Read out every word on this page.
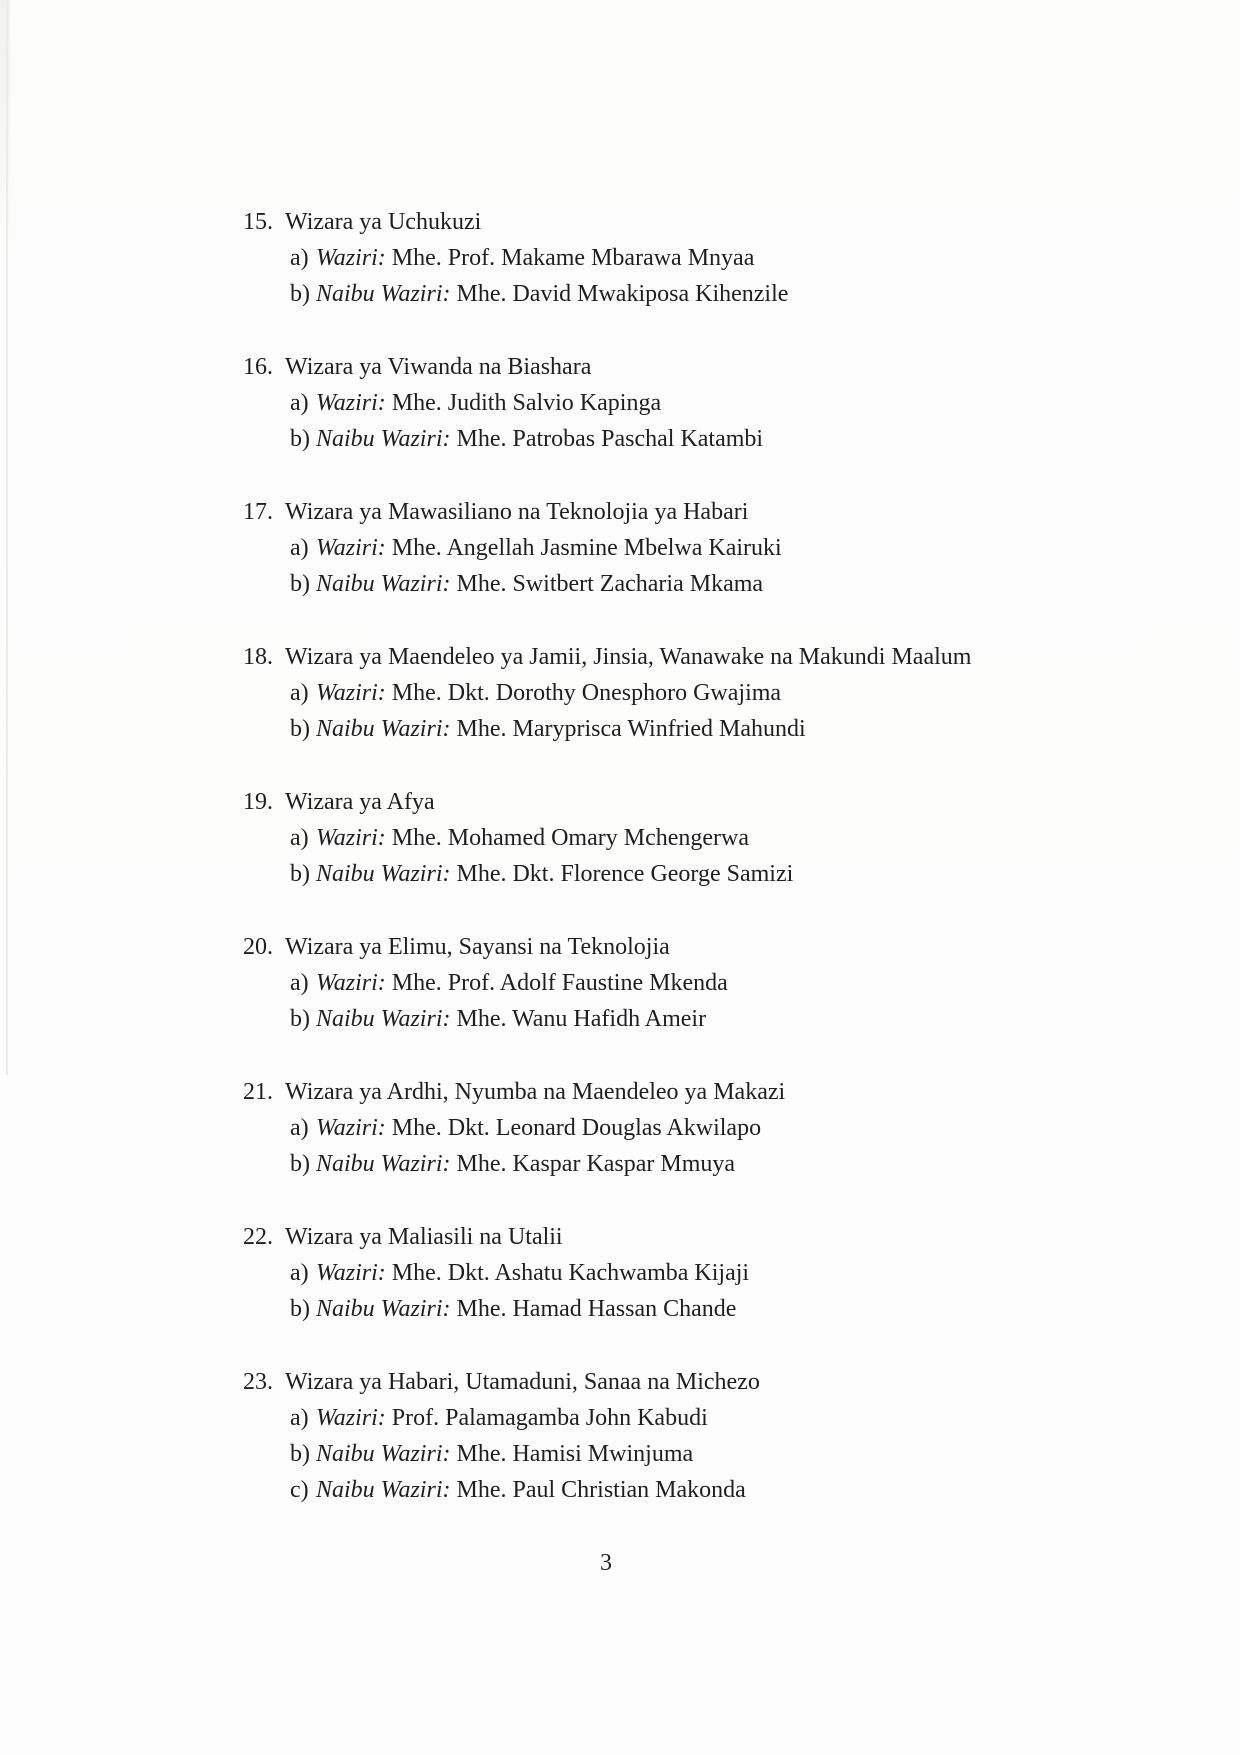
15. Wizara ya Uchukuzi
a) Waziri: Mhe. Prof. Makame Mbarawa Mnyaa
b) Naibu Waziri: Mhe. David Mwakiposa Kihenzile
16. Wizara ya Viwanda na Biashara
a) Waziri: Mhe. Judith Salvio Kapinga
b) Naibu Waziri: Mhe. Patrobas Paschal Katambi
17. Wizara ya Mawasiliano na Teknolojia ya Habari
a) Waziri: Mhe. Angellah Jasmine Mbelwa Kairuki
b) Naibu Waziri: Mhe. Switbert Zacharia Mkama
18. Wizara ya Maendeleo ya Jamii, Jinsia, Wanawake na Makundi Maalum
a) Waziri: Mhe. Dkt. Dorothy Onesphoro Gwajima
b) Naibu Waziri: Mhe. Maryprisca Winfried Mahundi
19. Wizara ya Afya
a) Waziri: Mhe. Mohamed Omary Mchengerwa
b) Naibu Waziri: Mhe. Dkt. Florence George Samizi
20. Wizara ya Elimu, Sayansi na Teknolojia
a) Waziri: Mhe. Prof. Adolf Faustine Mkenda
b) Naibu Waziri: Mhe. Wanu Hafidh Ameir
21. Wizara ya Ardhi, Nyumba na Maendeleo ya Makazi
a) Waziri: Mhe. Dkt. Leonard Douglas Akwilapo
b) Naibu Waziri: Mhe. Kaspar Kaspar Mmuya
22. Wizara ya Maliasili na Utalii
a) Waziri: Mhe. Dkt. Ashatu Kachwamba Kijaji
b) Naibu Waziri: Mhe. Hamad Hassan Chande
23. Wizara ya Habari, Utamaduni, Sanaa na Michezo
a) Waziri: Prof. Palamagamba John Kabudi
b) Naibu Waziri: Mhe. Hamisi Mwinjuma
c) Naibu Waziri: Mhe. Paul Christian Makonda
3
